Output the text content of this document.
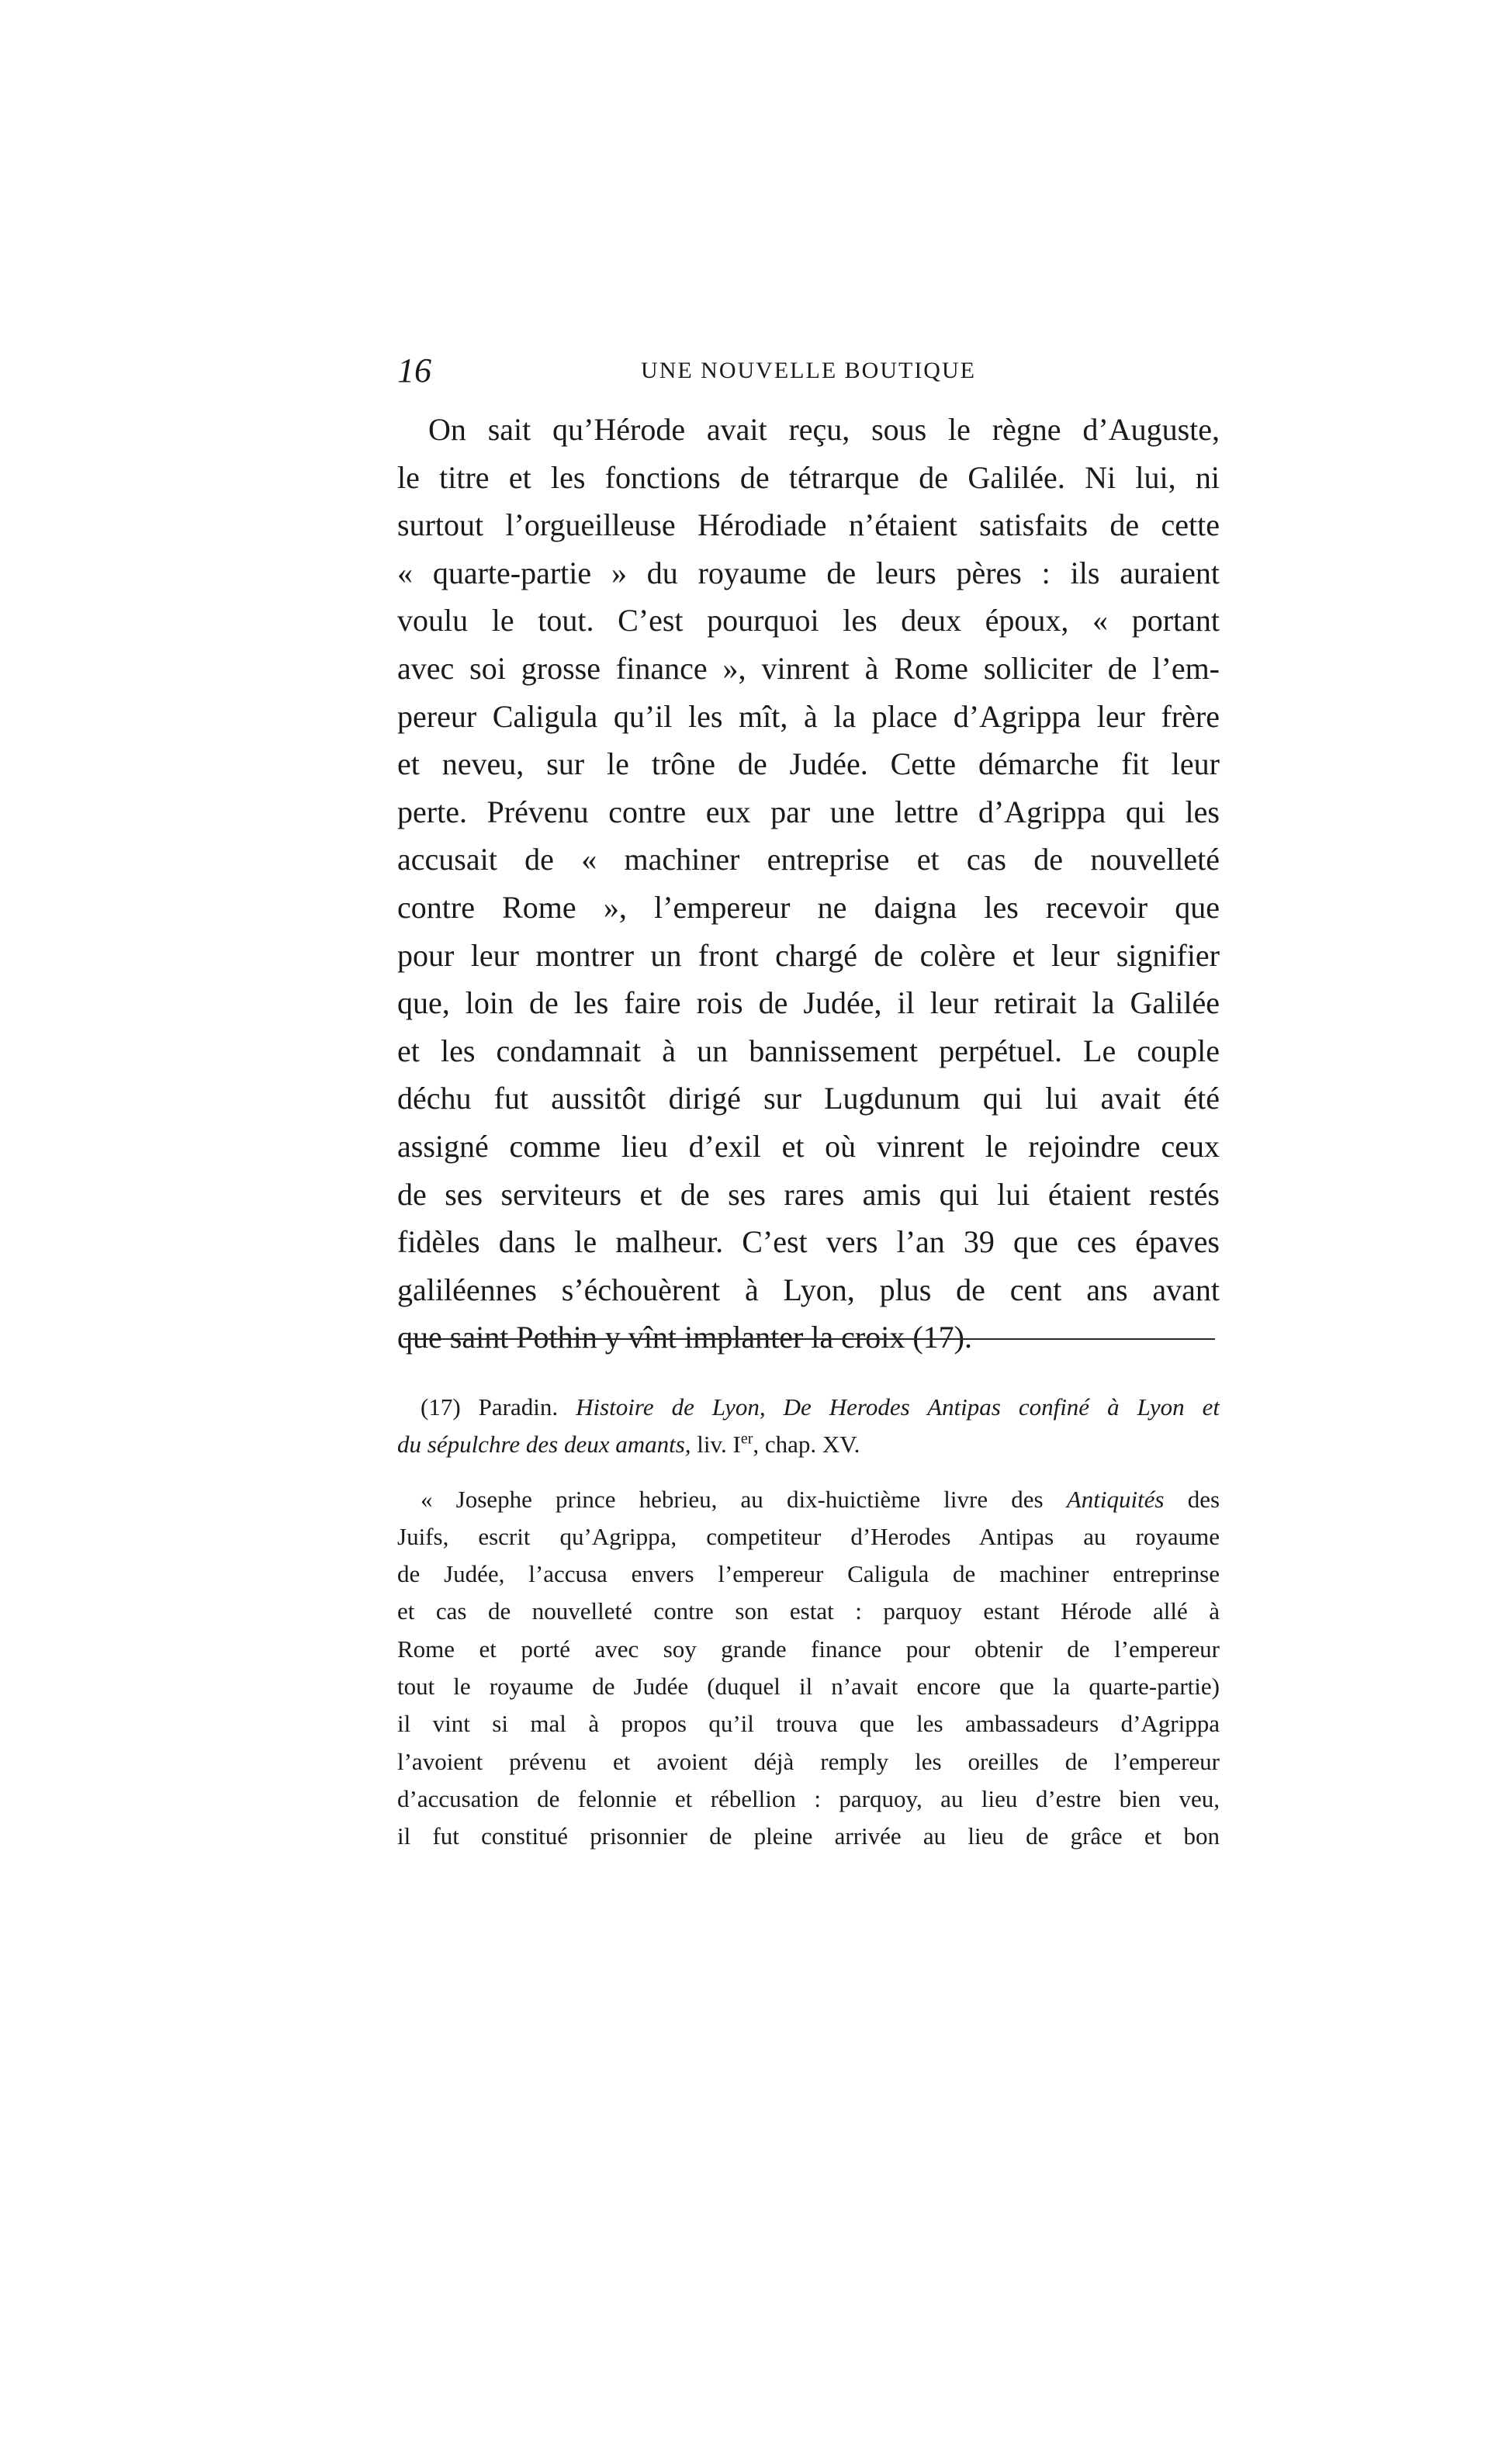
16	UNE NOUVELLE BOUTIQUE
On sait qu’Hérode avait reçu, sous le règne d’Auguste,
le titre et les fonctions de tétrarque de Galilée. Ni lui, ni
surtout l’orgueilleuse Hérodiade n’étaient satisfaits de cette
« quarte-partie » du royaume de leurs pères : ils auraient
voulu le tout. C’est pourquoi les deux époux, « portant
avec soi grosse finance », vinrent à Rome solliciter de l’em-
pereur Caligula qu’il les mît, à la place d’Agrippa leur frère
et neveu, sur le trône de Judée. Cette démarche fit leur
perte. Prévenu contre eux par une lettre d’Agrippa qui les
accusait de « machiner entreprise et cas de nouvelleté
contre Rome », l’empereur ne daigna les recevoir que
pour leur montrer un front chargé de colère et leur signifier
que, loin de les faire rois de Judée, il leur retirait la Galilée
et les condamnait à un bannissement perpétuel. Le couple
déchu fut aussitôt dirigé sur Lugdunum qui lui avait été
assigné comme lieu d’exil et où vinrent le rejoindre ceux
de ses serviteurs et de ses rares amis qui lui étaient restés
fidèles dans le malheur. C’est vers l’an 39 que ces épaves
galiléennes s’échouèrent à Lyon, plus de cent ans avant
que saint Pothin y vînt implanter la croix (17).
(17) Paradin. Histoire de Lyon, De Herodes Antipas confiné à Lyon et
du sépulchre des deux amants, liv. Ier, chap. XV.
« Josephe prince hebrieu, au dix-huictième livre des Antiquités des
Juifs, escrit qu’Agrippa, competiteur d’Herodes Antipas au royaume
de Judée, l’accusa envers l’empereur Caligula de machiner entreprinse
et cas de nouvelleté contre son estat : parquoy estant Hérode allé à
Rome et porté avec soy grande finance pour obtenir de l’empereur
tout le royaume de Judée (duquel il n’avait encore que la quarte-partie)
il vint si mal à propos qu’il trouva que les ambassadeurs d’Agrippa
l’avoient prévenu et avoient déjà remply les oreilles de l’empereur
d’accusation de felonnie et rébellion : parquoy, au lieu d’estre bien veu,
il fut constitué prisonnier de pleine arrivée au lieu de grâce et bon
